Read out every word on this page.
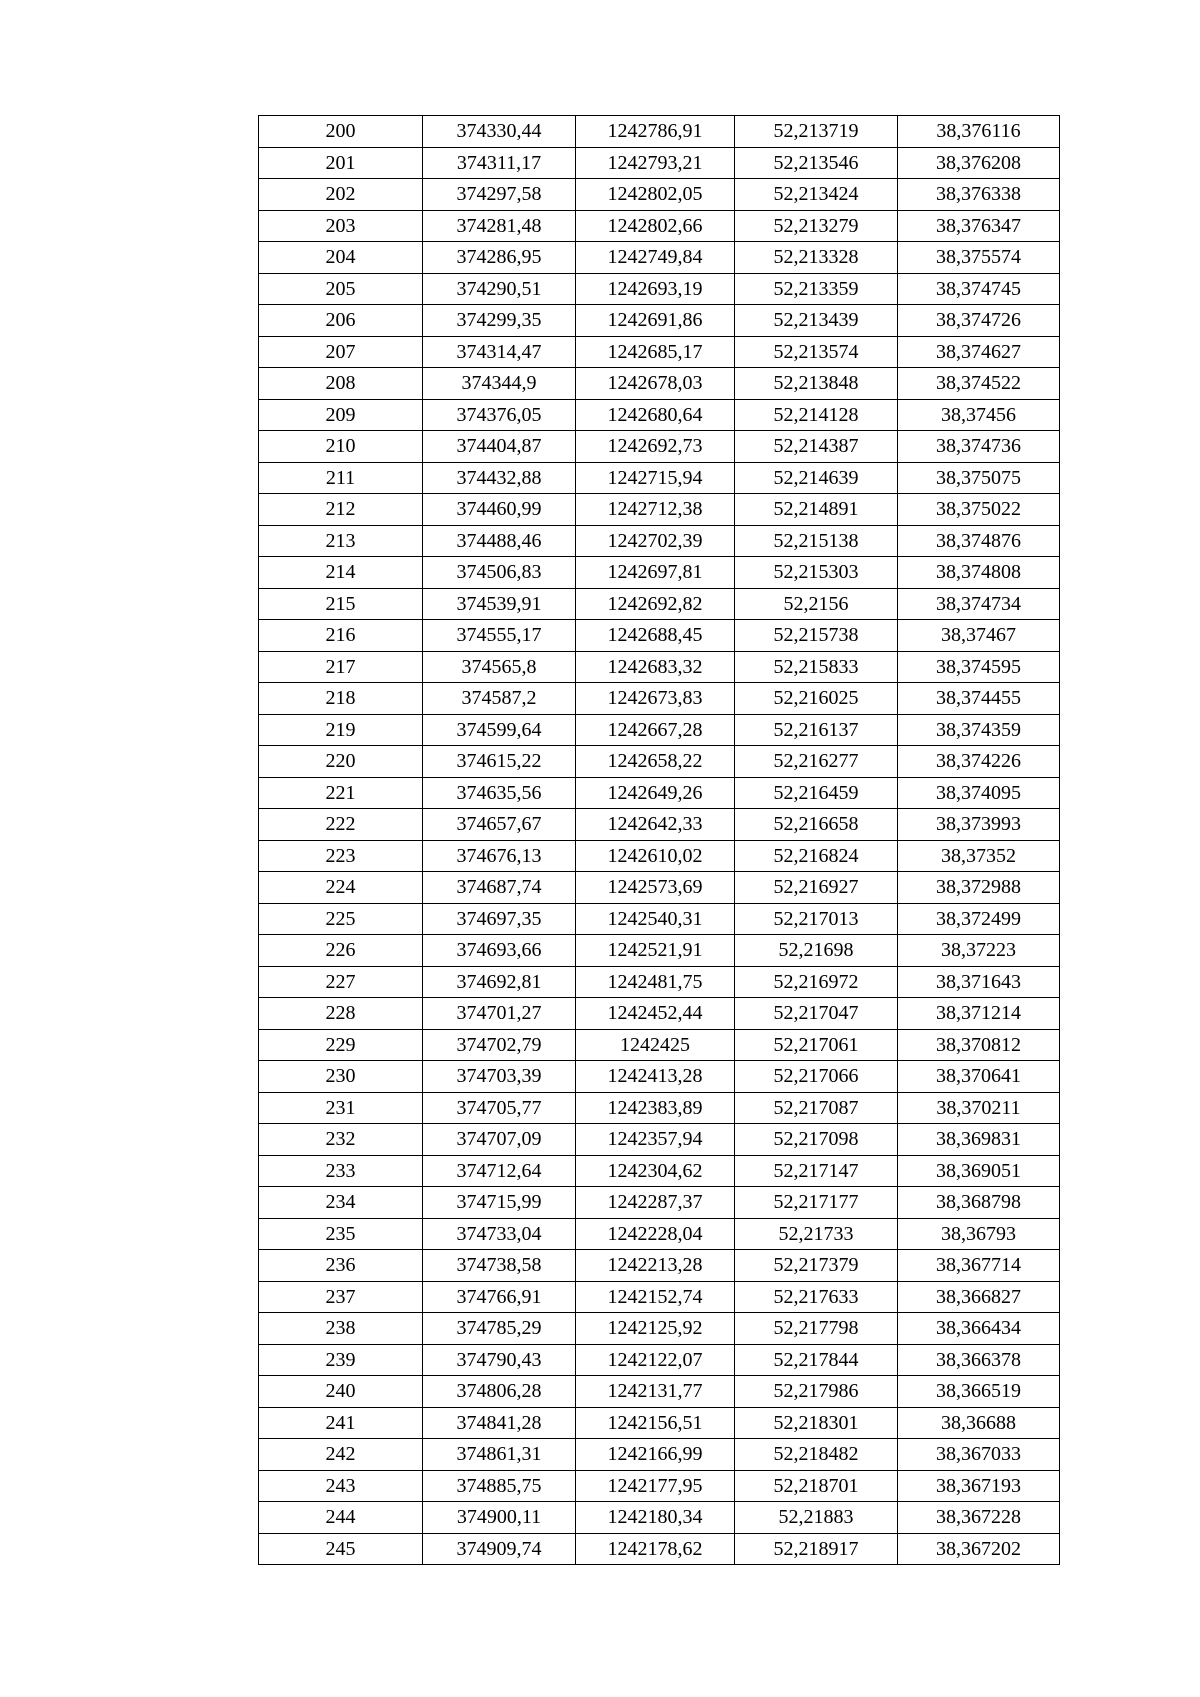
200	374330,44	1242786,91	52,213719	38,376116
201	374311,17	1242793,21	52,213546	38,376208
202	374297,58	1242802,05	52,213424	38,376338
203	374281,48	1242802,66	52,213279	38,376347
204	374286,95	1242749,84	52,213328	38,375574
205	374290,51	1242693,19	52,213359	38,374745
206	374299,35	1242691,86	52,213439	38,374726
207	374314,47	1242685,17	52,213574	38,374627
208	374344,9	1242678,03	52,213848	38,374522
209	374376,05	1242680,64	52,214128	38,37456
210	374404,87	1242692,73	52,214387	38,374736
211	374432,88	1242715,94	52,214639	38,375075
212	374460,99	1242712,38	52,214891	38,375022
213	374488,46	1242702,39	52,215138	38,374876
214	374506,83	1242697,81	52,215303	38,374808
215	374539,91	1242692,82	52,2156	38,374734
216	374555,17	1242688,45	52,215738	38,37467
217	374565,8	1242683,32	52,215833	38,374595
218	374587,2	1242673,83	52,216025	38,374455
219	374599,64	1242667,28	52,216137	38,374359
220	374615,22	1242658,22	52,216277	38,374226
221	374635,56	1242649,26	52,216459	38,374095
222	374657,67	1242642,33	52,216658	38,373993
223	374676,13	1242610,02	52,216824	38,37352
224	374687,74	1242573,69	52,216927	38,372988
225	374697,35	1242540,31	52,217013	38,372499
226	374693,66	1242521,91	52,21698	38,37223
227	374692,81	1242481,75	52,216972	38,371643
228	374701,27	1242452,44	52,217047	38,371214
229	374702,79	1242425	52,217061	38,370812
230	374703,39	1242413,28	52,217066	38,370641
231	374705,77	1242383,89	52,217087	38,370211
232	374707,09	1242357,94	52,217098	38,369831
233	374712,64	1242304,62	52,217147	38,369051
234	374715,99	1242287,37	52,217177	38,368798
235	374733,04	1242228,04	52,21733	38,36793
236	374738,58	1242213,28	52,217379	38,367714
237	374766,91	1242152,74	52,217633	38,366827
238	374785,29	1242125,92	52,217798	38,366434
239	374790,43	1242122,07	52,217844	38,366378
240	374806,28	1242131,77	52,217986	38,366519
241	374841,28	1242156,51	52,218301	38,36688
242	374861,31	1242166,99	52,218482	38,367033
243	374885,75	1242177,95	52,218701	38,367193
244	374900,11	1242180,34	52,21883	38,367228
245	374909,74	1242178,62	52,218917	38,367202
